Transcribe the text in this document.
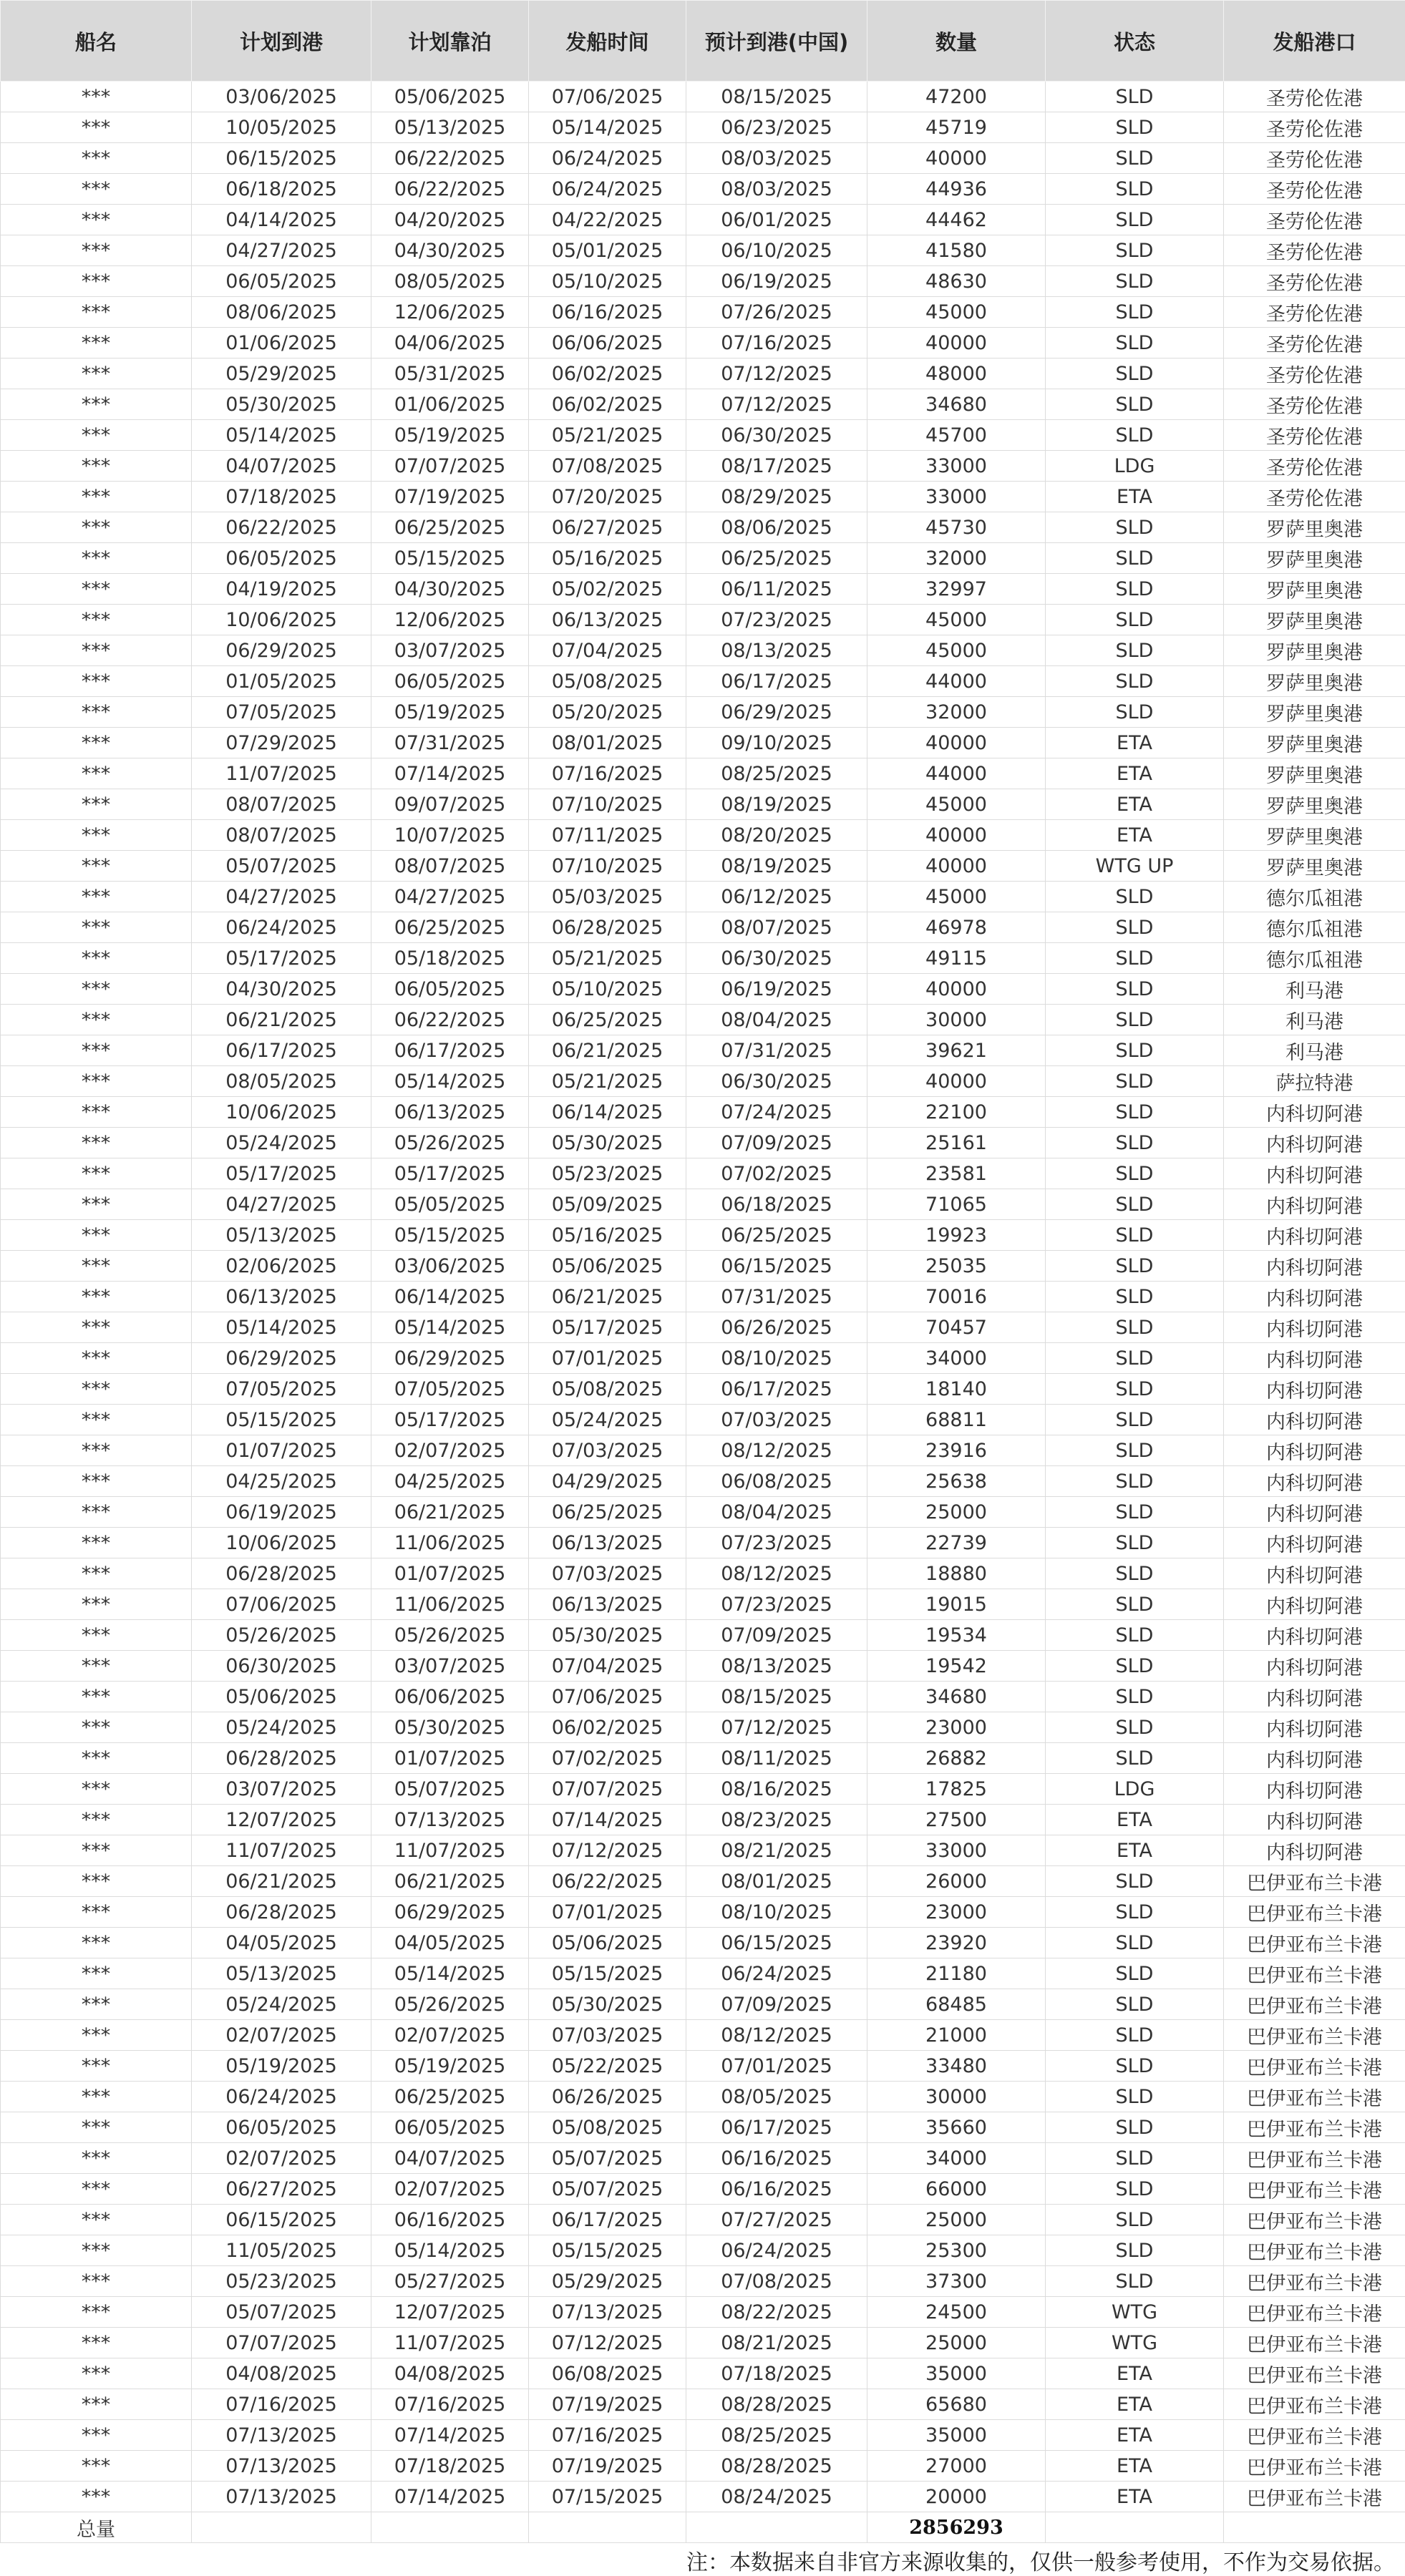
船名	计划到港	计划靠泊	发船时间	预计到港(中国)	数量	状态	发船港口
***	03/06/2025	05/06/2025	07/06/2025	08/15/2025	47200	SLD	圣劳伦佐港
***	10/05/2025	05/13/2025	05/14/2025	06/23/2025	45719	SLD	圣劳伦佐港
***	06/15/2025	06/22/2025	06/24/2025	08/03/2025	40000	SLD	圣劳伦佐港
***	06/18/2025	06/22/2025	06/24/2025	08/03/2025	44936	SLD	圣劳伦佐港
***	04/14/2025	04/20/2025	04/22/2025	06/01/2025	44462	SLD	圣劳伦佐港
***	04/27/2025	04/30/2025	05/01/2025	06/10/2025	41580	SLD	圣劳伦佐港
***	06/05/2025	08/05/2025	05/10/2025	06/19/2025	48630	SLD	圣劳伦佐港
***	08/06/2025	12/06/2025	06/16/2025	07/26/2025	45000	SLD	圣劳伦佐港
***	01/06/2025	04/06/2025	06/06/2025	07/16/2025	40000	SLD	圣劳伦佐港
***	05/29/2025	05/31/2025	06/02/2025	07/12/2025	48000	SLD	圣劳伦佐港
***	05/30/2025	01/06/2025	06/02/2025	07/12/2025	34680	SLD	圣劳伦佐港
***	05/14/2025	05/19/2025	05/21/2025	06/30/2025	45700	SLD	圣劳伦佐港
***	04/07/2025	07/07/2025	07/08/2025	08/17/2025	33000	LDG	圣劳伦佐港
***	07/18/2025	07/19/2025	07/20/2025	08/29/2025	33000	ETA	圣劳伦佐港
***	06/22/2025	06/25/2025	06/27/2025	08/06/2025	45730	SLD	罗萨里奥港
***	06/05/2025	05/15/2025	05/16/2025	06/25/2025	32000	SLD	罗萨里奥港
***	04/19/2025	04/30/2025	05/02/2025	06/11/2025	32997	SLD	罗萨里奥港
***	10/06/2025	12/06/2025	06/13/2025	07/23/2025	45000	SLD	罗萨里奥港
***	06/29/2025	03/07/2025	07/04/2025	08/13/2025	45000	SLD	罗萨里奥港
***	01/05/2025	06/05/2025	05/08/2025	06/17/2025	44000	SLD	罗萨里奥港
***	07/05/2025	05/19/2025	05/20/2025	06/29/2025	32000	SLD	罗萨里奥港
***	07/29/2025	07/31/2025	08/01/2025	09/10/2025	40000	ETA	罗萨里奥港
***	11/07/2025	07/14/2025	07/16/2025	08/25/2025	44000	ETA	罗萨里奥港
***	08/07/2025	09/07/2025	07/10/2025	08/19/2025	45000	ETA	罗萨里奥港
***	08/07/2025	10/07/2025	07/11/2025	08/20/2025	40000	ETA	罗萨里奥港
***	05/07/2025	08/07/2025	07/10/2025	08/19/2025	40000	WTG UP	罗萨里奥港
***	04/27/2025	04/27/2025	05/03/2025	06/12/2025	45000	SLD	德尔瓜祖港
***	06/24/2025	06/25/2025	06/28/2025	08/07/2025	46978	SLD	德尔瓜祖港
***	05/17/2025	05/18/2025	05/21/2025	06/30/2025	49115	SLD	德尔瓜祖港
***	04/30/2025	06/05/2025	05/10/2025	06/19/2025	40000	SLD	利马港
***	06/21/2025	06/22/2025	06/25/2025	08/04/2025	30000	SLD	利马港
***	06/17/2025	06/17/2025	06/21/2025	07/31/2025	39621	SLD	利马港
***	08/05/2025	05/14/2025	05/21/2025	06/30/2025	40000	SLD	萨拉特港
***	10/06/2025	06/13/2025	06/14/2025	07/24/2025	22100	SLD	内科切阿港
***	05/24/2025	05/26/2025	05/30/2025	07/09/2025	25161	SLD	内科切阿港
***	05/17/2025	05/17/2025	05/23/2025	07/02/2025	23581	SLD	内科切阿港
***	04/27/2025	05/05/2025	05/09/2025	06/18/2025	71065	SLD	内科切阿港
***	05/13/2025	05/15/2025	05/16/2025	06/25/2025	19923	SLD	内科切阿港
***	02/06/2025	03/06/2025	05/06/2025	06/15/2025	25035	SLD	内科切阿港
***	06/13/2025	06/14/2025	06/21/2025	07/31/2025	70016	SLD	内科切阿港
***	05/14/2025	05/14/2025	05/17/2025	06/26/2025	70457	SLD	内科切阿港
***	06/29/2025	06/29/2025	07/01/2025	08/10/2025	34000	SLD	内科切阿港
***	07/05/2025	07/05/2025	05/08/2025	06/17/2025	18140	SLD	内科切阿港
***	05/15/2025	05/17/2025	05/24/2025	07/03/2025	68811	SLD	内科切阿港
***	01/07/2025	02/07/2025	07/03/2025	08/12/2025	23916	SLD	内科切阿港
***	04/25/2025	04/25/2025	04/29/2025	06/08/2025	25638	SLD	内科切阿港
***	06/19/2025	06/21/2025	06/25/2025	08/04/2025	25000	SLD	内科切阿港
***	10/06/2025	11/06/2025	06/13/2025	07/23/2025	22739	SLD	内科切阿港
***	06/28/2025	01/07/2025	07/03/2025	08/12/2025	18880	SLD	内科切阿港
***	07/06/2025	11/06/2025	06/13/2025	07/23/2025	19015	SLD	内科切阿港
***	05/26/2025	05/26/2025	05/30/2025	07/09/2025	19534	SLD	内科切阿港
***	06/30/2025	03/07/2025	07/04/2025	08/13/2025	19542	SLD	内科切阿港
***	05/06/2025	06/06/2025	07/06/2025	08/15/2025	34680	SLD	内科切阿港
***	05/24/2025	05/30/2025	06/02/2025	07/12/2025	23000	SLD	内科切阿港
***	06/28/2025	01/07/2025	07/02/2025	08/11/2025	26882	SLD	内科切阿港
***	03/07/2025	05/07/2025	07/07/2025	08/16/2025	17825	LDG	内科切阿港
***	12/07/2025	07/13/2025	07/14/2025	08/23/2025	27500	ETA	内科切阿港
***	11/07/2025	11/07/2025	07/12/2025	08/21/2025	33000	ETA	内科切阿港
***	06/21/2025	06/21/2025	06/22/2025	08/01/2025	26000	SLD	巴伊亚布兰卡港
***	06/28/2025	06/29/2025	07/01/2025	08/10/2025	23000	SLD	巴伊亚布兰卡港
***	04/05/2025	04/05/2025	05/06/2025	06/15/2025	23920	SLD	巴伊亚布兰卡港
***	05/13/2025	05/14/2025	05/15/2025	06/24/2025	21180	SLD	巴伊亚布兰卡港
***	05/24/2025	05/26/2025	05/30/2025	07/09/2025	68485	SLD	巴伊亚布兰卡港
***	02/07/2025	02/07/2025	07/03/2025	08/12/2025	21000	SLD	巴伊亚布兰卡港
***	05/19/2025	05/19/2025	05/22/2025	07/01/2025	33480	SLD	巴伊亚布兰卡港
***	06/24/2025	06/25/2025	06/26/2025	08/05/2025	30000	SLD	巴伊亚布兰卡港
***	06/05/2025	06/05/2025	05/08/2025	06/17/2025	35660	SLD	巴伊亚布兰卡港
***	02/07/2025	04/07/2025	05/07/2025	06/16/2025	34000	SLD	巴伊亚布兰卡港
***	06/27/2025	02/07/2025	05/07/2025	06/16/2025	66000	SLD	巴伊亚布兰卡港
***	06/15/2025	06/16/2025	06/17/2025	07/27/2025	25000	SLD	巴伊亚布兰卡港
***	11/05/2025	05/14/2025	05/15/2025	06/24/2025	25300	SLD	巴伊亚布兰卡港
***	05/23/2025	05/27/2025	05/29/2025	07/08/2025	37300	SLD	巴伊亚布兰卡港
***	05/07/2025	12/07/2025	07/13/2025	08/22/2025	24500	WTG	巴伊亚布兰卡港
***	07/07/2025	11/07/2025	07/12/2025	08/21/2025	25000	WTG	巴伊亚布兰卡港
***	04/08/2025	04/08/2025	06/08/2025	07/18/2025	35000	ETA	巴伊亚布兰卡港
***	07/16/2025	07/16/2025	07/19/2025	08/28/2025	65680	ETA	巴伊亚布兰卡港
***	07/13/2025	07/14/2025	07/16/2025	08/25/2025	35000	ETA	巴伊亚布兰卡港
***	07/13/2025	07/18/2025	07/19/2025	08/28/2025	27000	ETA	巴伊亚布兰卡港
***	07/13/2025	07/14/2025	07/15/2025	08/24/2025	20000	ETA	巴伊亚布兰卡港
总量					2856293		
注：本数据来自非官方来源收集的，仅供一般参考使用，不作为交易依据。
